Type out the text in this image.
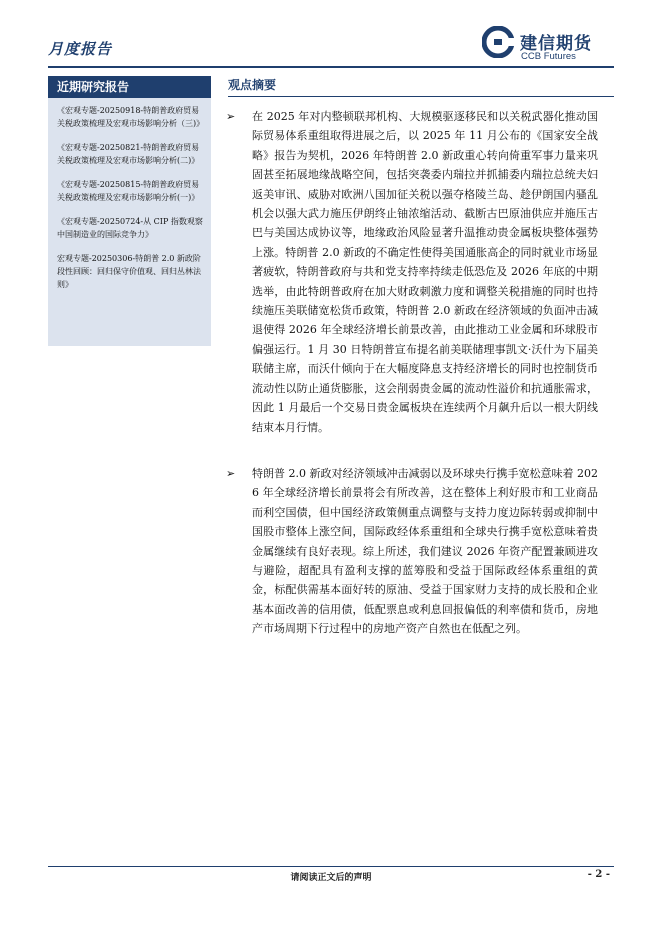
月度报告	建信期货
CCB Futures
近期研究报告
《宏观专题-20250918-特朗普政府贸易关税政策梳理及宏观市场影响分析（三)》
《宏观专题-20250821-特朗普政府贸易关税政策梳理及宏观市场影响分析(二)》
《宏观专题-20250815-特朗普政府贸易关税政策梳理及宏观市场影响分析(一)》
《宏观专题-20250724-从 CIP 指数观察中国制造业的国际竞争力》
宏观专题-20250306-特朗普 2.0 新政阶段性回顾：回归保守价值观、回归丛林法则》
观点摘要
➢ 在 2025 年对内整顿联邦机构、大规模驱逐移民和以关税武器化推动国际贸易体系重组取得进展之后，以 2025 年 11 月公布的《国家安全战略》报告为契机，2026 年特朗普 2.0 新政重心转向倚重军事力量来巩固甚至拓展地缘战略空间，包括突袭委内瑞拉并抓捕委内瑞拉总统夫妇返美审讯、威胁对欧洲八国加征关税以强夺格陵兰岛、趁伊朗国内骚乱机会以强大武力施压伊朗终止铀浓缩活动、截断古巴原油供应并施压古巴与美国达成协议等，地缘政治风险显著升温推动贵金属板块整体强势上涨。特朗普 2.0 新政的不确定性使得美国通胀高企的同时就业市场显著疲软，特朗普政府与共和党支持率持续走低恐危及 2026 年底的中期选举，由此特朗普政府在加大财政刺激力度和调整关税措施的同时也持续施压美联储宽松货币政策，特朗普 2.0 新政在经济领域的负面冲击减退使得 2026 年全球经济增长前景改善，由此推动工业金属和环球股市偏强运行。1 月 30 日特朗普宣布提名前美联储理事凯文·沃什为下届美联储主席，而沃什倾向于在大幅度降息支持经济增长的同时也控制货币流动性以防止通货膨胀，这会削弱贵金属的流动性溢价和抗通胀需求，因此 1 月最后一个交易日贵金属板块在连续两个月飙升后以一根大阴线结束本月行情。
➢ 特朗普 2.0 新政对经济领域冲击减弱以及环球央行携手宽松意味着 2026 年全球经济增长前景将会有所改善，这在整体上利好股市和工业商品而利空国债，但中国经济政策侧重点调整与支持力度边际转弱或抑制中国股市整体上涨空间，国际政经体系重组和全球央行携手宽松意味着贵金属继续有良好表现。综上所述，我们建议 2026 年资产配置兼顾进攻与避险，超配具有盈利支撑的蓝筹股和受益于国际政经体系重组的黄金，标配供需基本面好转的原油、受益于国家财力支持的成长股和企业基本面改善的信用债，低配票息或利息回报偏低的利率债和货币，房地产市场周期下行过程中的房地产资产自然也在低配之列。
请阅读正文后的声明	- 2 -
